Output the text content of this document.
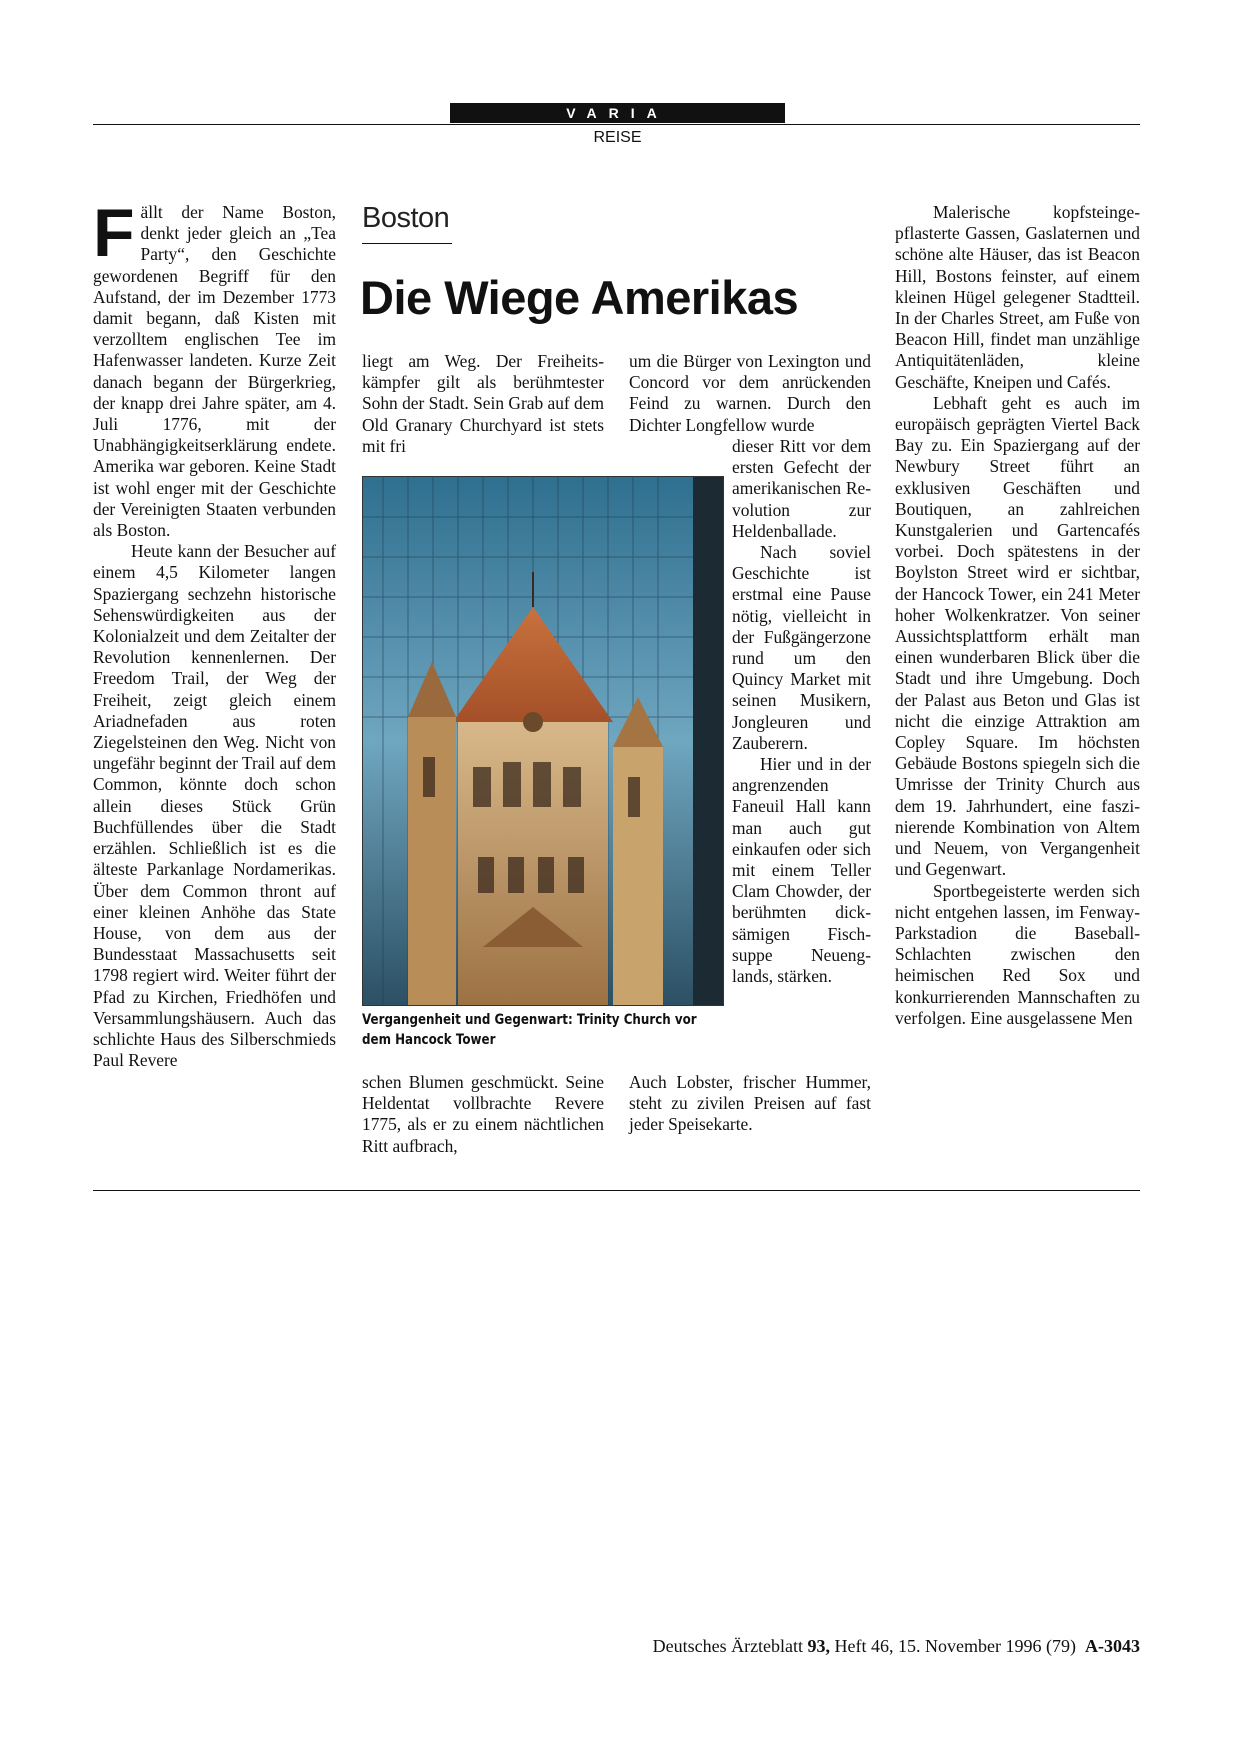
VARIA
REISE

Fällt der Name Boston, denkt jeder gleich an „Tea Party“, den Geschichte gewordenen Begriff für den Aufstand, der im Dezember 1773 damit begann, daß Kisten mit verzolltem englischen Tee im Hafenwasser landeten. Kurze Zeit danach begann der Bürgerkrieg, der knapp drei Jahre später, am 4. Juli 1776, mit der Unabhängigkeitserklärung endete. Amerika war geboren. Keine Stadt ist wohl enger mit der Geschichte der Vereinigten Staaten verbunden als Boston.

Heute kann der Besucher auf einem 4,5 Kilometer langen Spaziergang sechzehn historische Sehenswürdigkeiten aus der Kolonialzeit und dem Zeitalter der Revolution kennenlernen. Der Freedom Trail, der Weg der Freiheit, zeigt gleich einem Ariadnefaden aus roten Ziegelsteinen den Weg. Nicht von ungefähr beginnt der Trail auf dem Common, könnte doch schon allein dieses Stück Grün Buchfüllendes über die Stadt erzählen. Schließlich ist es die älteste Parkanlage Nordamerikas. Über dem Common thront auf einer kleinen Anhöhe das State House, von dem aus der Bundesstaat Massachusetts seit 1798 regiert wird. Weiter führt der Pfad zu Kirchen, Friedhöfen und Versammlungshäusern. Auch das schlichte Haus des Silberschmieds Paul Revere

Boston
Die Wiege Amerikas

liegt am Weg. Der Freiheitskämpfer gilt als berühmtester Sohn der Stadt. Sein Grab auf dem Old Granary Churchyard ist stets mit fri

um die Bürger von Lexington und Concord vor dem anrückenden Feind zu warnen. Durch den Dichter Longfellow wurde

Vergangenheit und Gegenwart: Trinity Church vor dem Hancock Tower

dieser Ritt vor dem ersten Gefecht der amerikanischen Revolution zur Heldenballade.

Nach soviel Geschichte ist erstmal eine Pause nötig, vielleicht in der Fußgängerzone rund um den Quincy Market mit seinen Musikern, Jongleuren und Zauberern.

Hier und in der angrenzenden Faneuil Hall kann man auch gut einkaufen oder sich mit einem Teller Clam Chowder, der berühmten dicksämigen Fischsuppe Neuenglands, stärken.

schen Blumen geschmückt. Seine Heldentat vollbrachte Revere 1775, als er zu einem nächtlichen Ritt aufbrach,

Auch Lobster, frischer Hummer, steht zu zivilen Preisen auf fast jeder Speisekarte.

Malerische kopfsteingepflasterte Gassen, Gaslaternen und schöne alte Häuser, das ist Beacon Hill, Bostons feinster, auf einem kleinen Hügel gelegener Stadtteil. In der Charles Street, am Fuße von Beacon Hill, findet man unzählige Antiquitätenläden, kleine Geschäfte, Kneipen und Cafés.

Lebhaft geht es auch im europäisch geprägten Viertel Back Bay zu. Ein Spaziergang auf der Newbury Street führt an exklusiven Geschäften und Boutiquen, an zahlreichen Kunstgalerien und Gartencafés vorbei. Doch spätestens in der Boylston Street wird er sichtbar, der Hancock Tower, ein 241 Meter hoher Wolkenkratzer. Von seiner Aussichtsplattform erhält man einen wunderbaren Blick über die Stadt und ihre Umgebung. Doch der Palast aus Beton und Glas ist nicht die einzige Attraktion am Copley Square. Im höchsten Gebäude Bostons spiegeln sich die Umrisse der Trinity Church aus dem 19. Jahrhundert, eine faszinierende Kombination von Altem und Neuem, von Vergangenheit und Gegenwart.

Sportbegeisterte werden sich nicht entgehen lassen, im Fenway-Parkstadion die Baseball-Schlachten zwischen den heimischen Red Sox und konkurrierenden Mannschaften zu verfolgen. Eine ausgelassene Men

Deutsches Ärzteblatt 93, Heft 46, 15. November 1996 (79) A-3043
